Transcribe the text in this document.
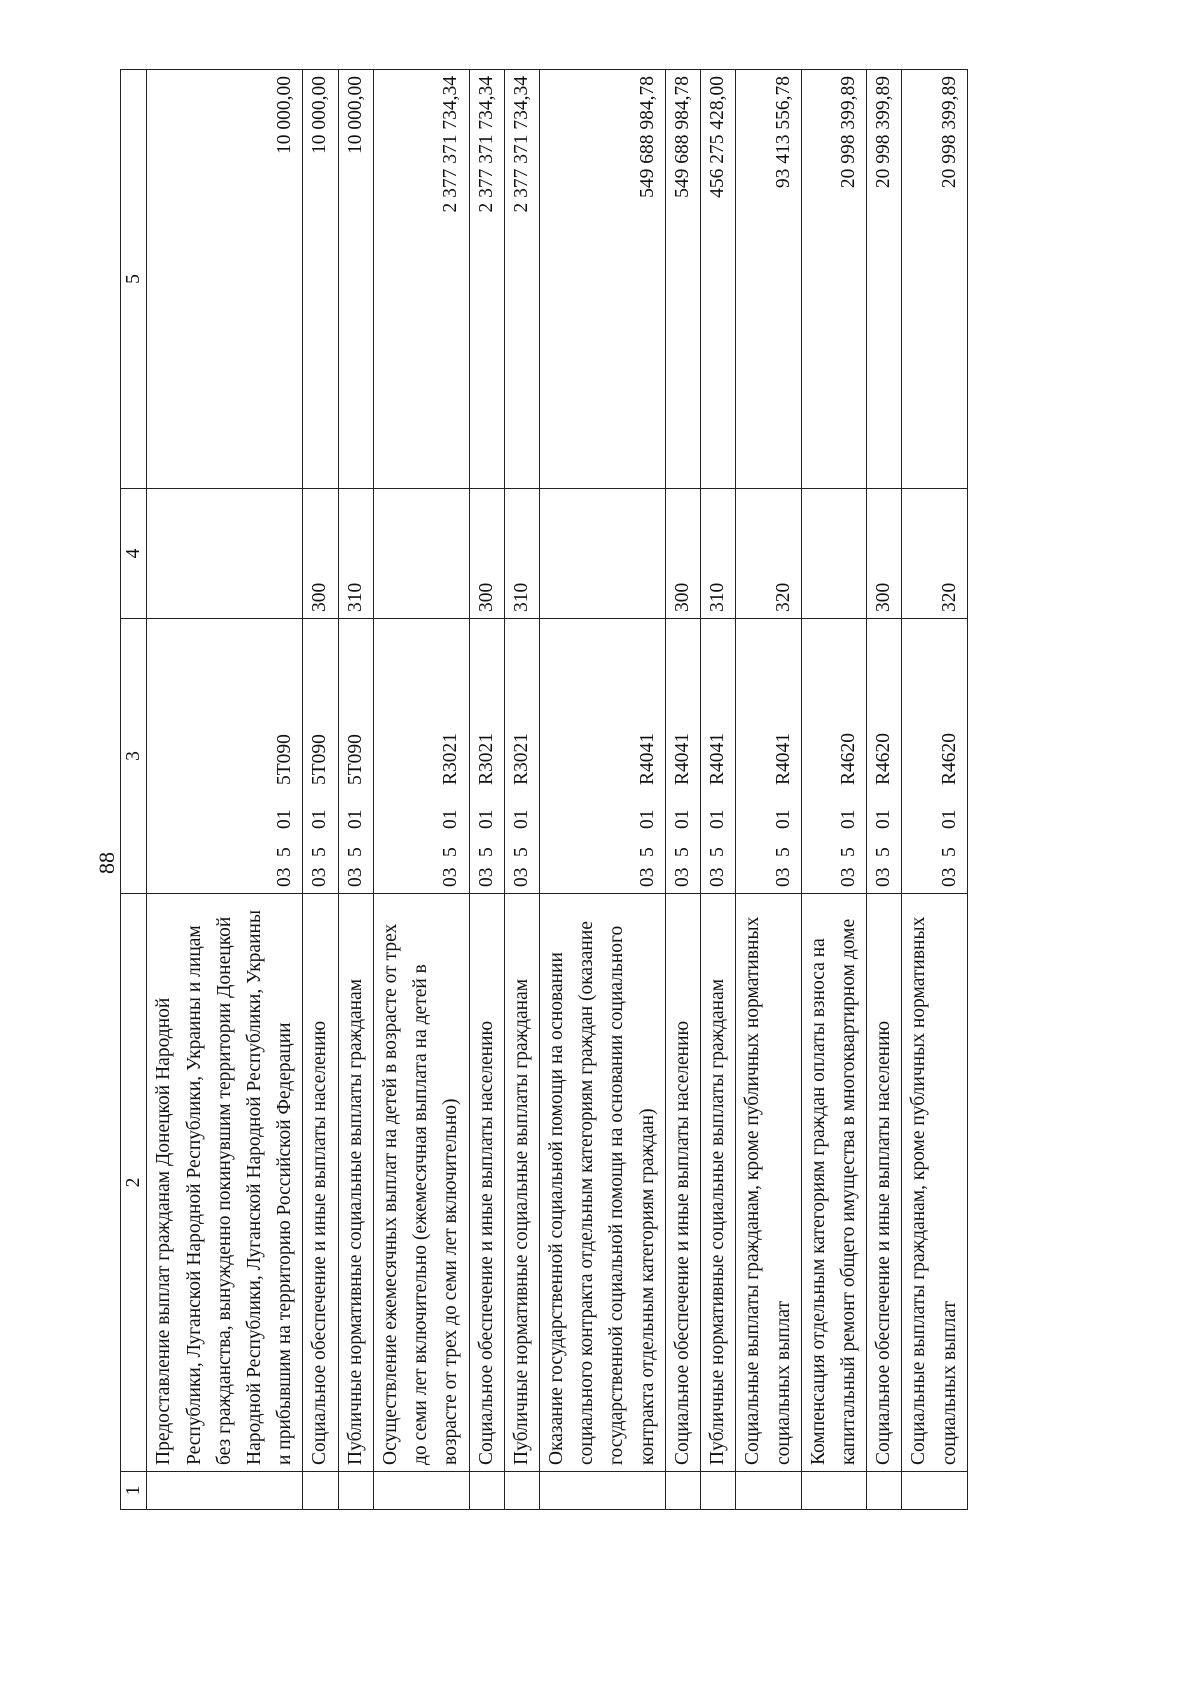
88
1	2	3	4	5
	Предоставление выплат гражданам Донецкой Народной Республики, Луганской Народной Республики, Украины и лицам без гражданства, вынужденно покинувшим территории Донецкой Народной Республики, Луганской Народной Республики, Украины и прибывшим на территорию Российской Федерации	035015Т090		10 000,00
	Социальное обеспечение и иные выплаты населению	035015Т090	300	10 000,00
	Публичные нормативные социальные выплаты гражданам	035015Т090	310	10 000,00
	Осуществление ежемесячных выплат на детей в возрасте от трех до семи лет включительно (ежемесячная выплата на детей в возрасте от трех до семи лет включительно)	03501R3021		2 377 371 734,34
	Социальное обеспечение и иные выплаты населению	03501R3021	300	2 377 371 734,34
	Публичные нормативные социальные выплаты гражданам	03501R3021	310	2 377 371 734,34
	Оказание государственной социальной помощи на основании социального контракта отдельным категориям граждан (оказание государственной социальной помощи на основании социального контракта отдельным категориям граждан)	03501R4041		549 688 984,78
	Социальное обеспечение и иные выплаты населению	03501R4041	300	549 688 984,78
	Публичные нормативные социальные выплаты гражданам	03501R4041	310	456 275 428,00
	Социальные выплаты гражданам, кроме публичных нормативных социальных выплат	03501R4041	320	93 413 556,78
	Компенсация отдельным категориям граждан оплаты взноса на капитальный ремонт общего имущества в многоквартирном доме	03501R4620		20 998 399,89
	Социальное обеспечение и иные выплаты населению	03501R4620	300	20 998 399,89
	Социальные выплаты гражданам, кроме публичных нормативных социальных выплат	03501R4620	320	20 998 399,89
